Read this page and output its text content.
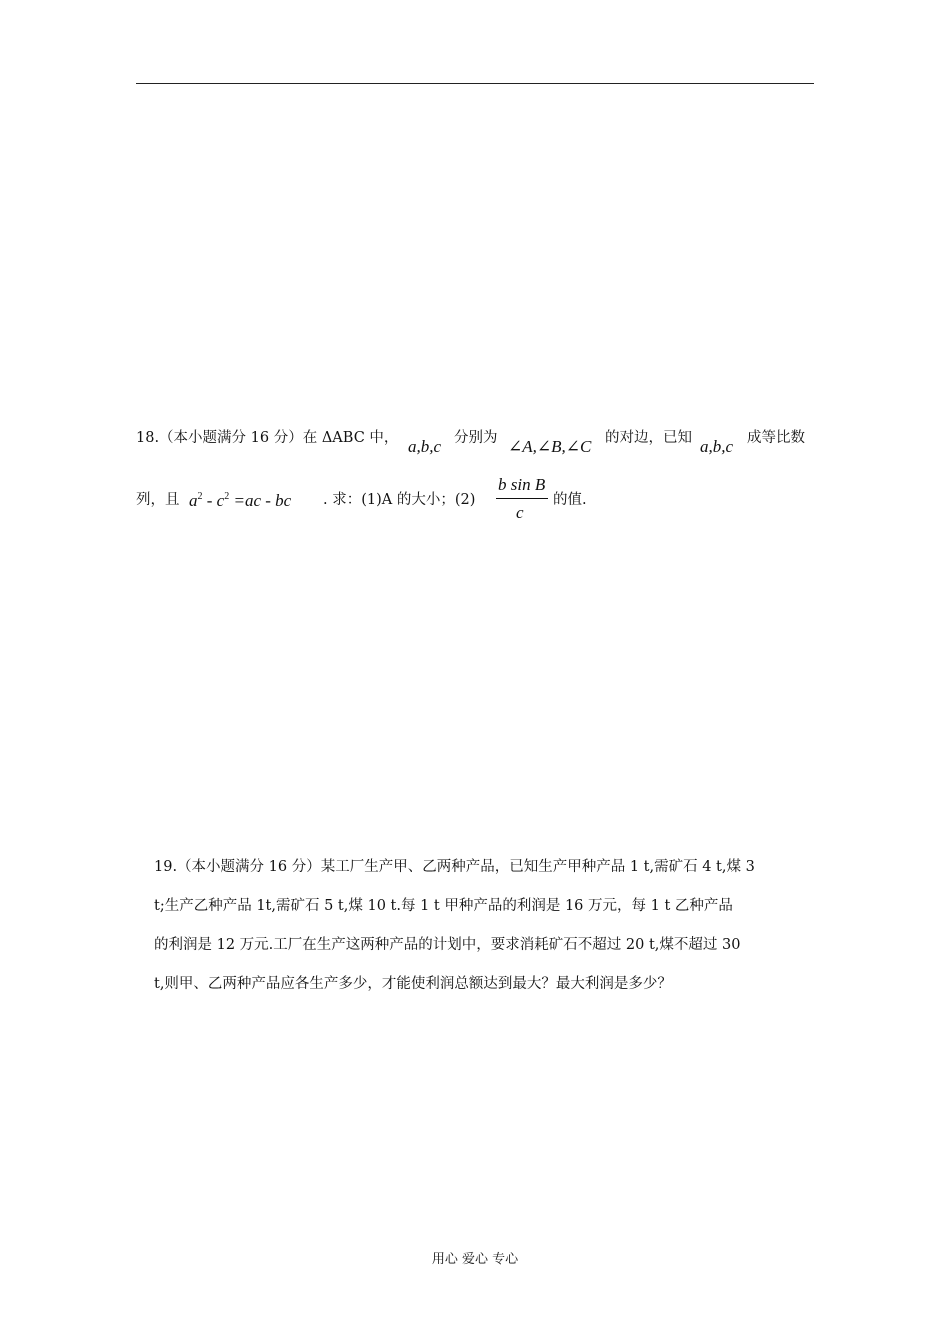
18.（本小题满分 16 分）在 ΔABC 中， a,b,c 分别为 ∠A,∠B,∠C 的对边，已知 a,b,c 成等比数
列，且 $a^2 - c^2 =ac$ - bc . 求：(1)A 的大小；(2)
b sin B
c
的值.
19.（本小题满分 16 分）某工厂生产甲、乙两种产品，已知生产甲种产品 1 t,需矿石 4 t,煤 3
t;生产乙种产品 1t,需矿石 5 t,煤 10 t.每 1 t 甲种产品的利润是 16 万元，每 1 t 乙种产品
的利润是 12 万元.工厂在生产这两种产品的计划中，要求消耗矿石不超过 20 t,煤不超过 30
t,则甲、乙两种产品应各生产多少，才能使利润总额达到最大？最大利润是多少？
用心 爱心 专心
